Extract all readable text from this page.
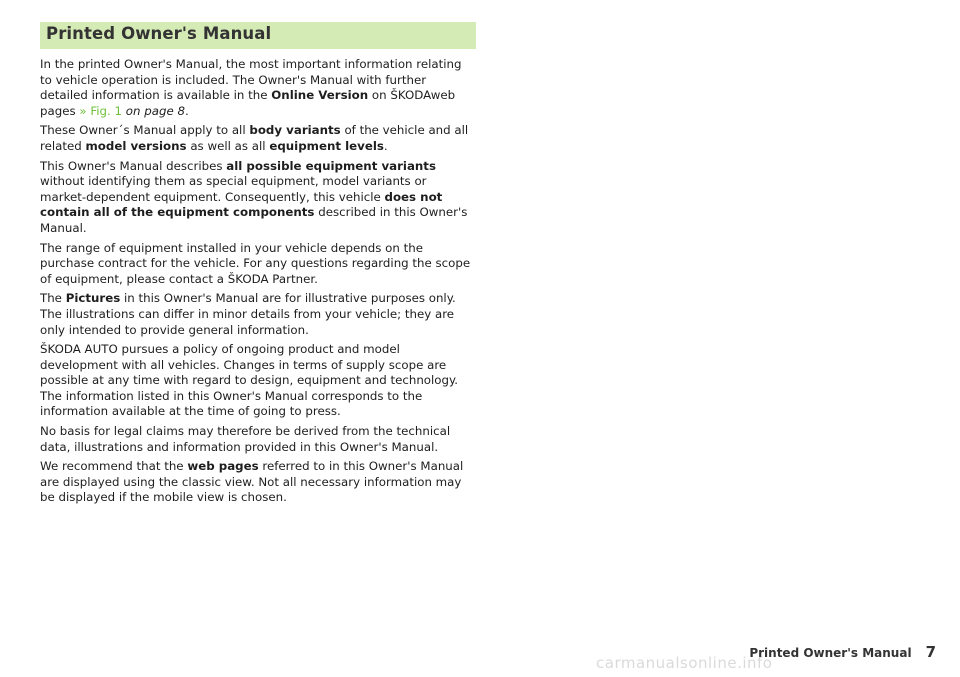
Printed Owner's Manual

In the printed Owner's Manual, the most important information relating to vehicle operation is included. The Owner's Manual with further detailed information is available in the Online Version on ŠKODAweb pages » Fig. 1 on page 8.

These Owner´s Manual apply to all body variants of the vehicle and all related model versions as well as all equipment levels.

This Owner's Manual describes all possible equipment variants without identifying them as special equipment, model variants or market-dependent equipment. Consequently, this vehicle does not contain all of the equipment components described in this Owner's Manual.

The range of equipment installed in your vehicle depends on the purchase contract for the vehicle. For any questions regarding the scope of equipment, please contact a ŠKODA Partner.

The Pictures in this Owner's Manual are for illustrative purposes only. The illustrations can differ in minor details from your vehicle; they are only intended to provide general information.

ŠKODA AUTO pursues a policy of ongoing product and model development with all vehicles. Changes in terms of supply scope are possible at any time with regard to design, equipment and technology. The information listed in this Owner's Manual corresponds to the information available at the time of going to press.

No basis for legal claims may therefore be derived from the technical data, illustrations and information provided in this Owner's Manual.

We recommend that the web pages referred to in this Owner's Manual are displayed using the classic view. Not all necessary information may be displayed if the mobile view is chosen.

carmanualsonline.info
Printed Owner's Manual 7
